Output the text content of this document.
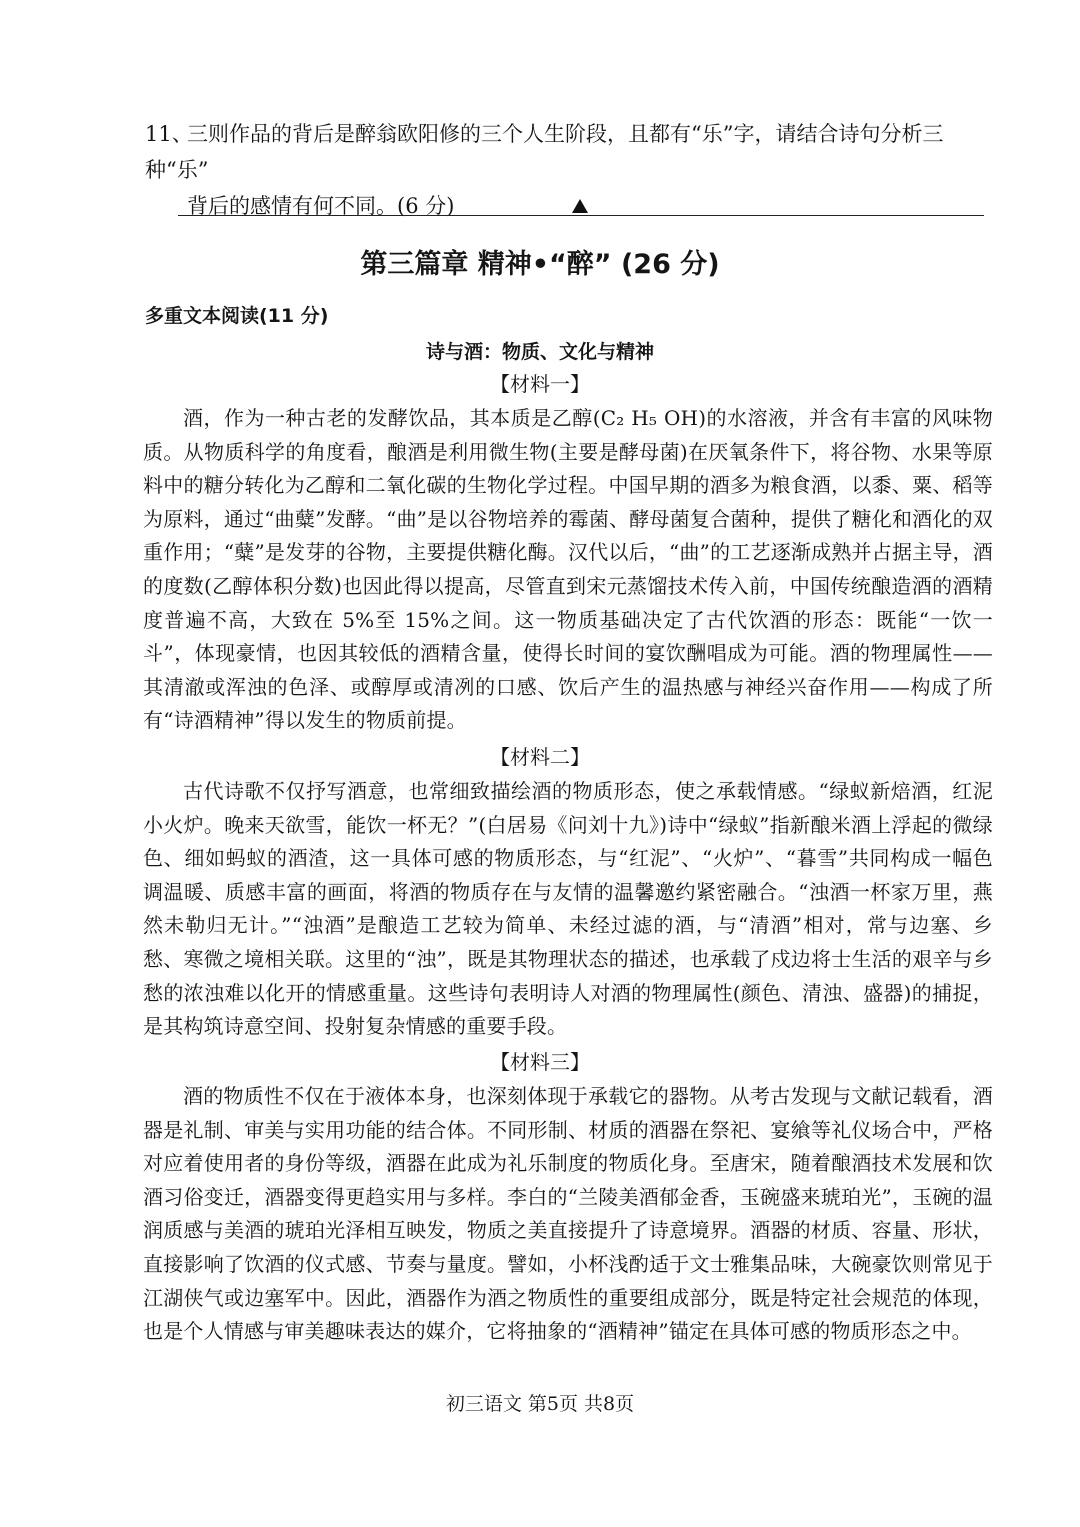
11、三则作品的背后是醉翁欧阳修的三个人生阶段，且都有“乐”字，请结合诗句分析三种“乐”
背后的感情有何不同。(6 分)
第三篇章 精神•“醉” (26 分)
多重文本阅读(11 分)
诗与酒：物质、文化与精神
【材料一】

酒，作为一种古老的发酵饮品，其本质是乙醇(C₂ H₅ OH)的水溶液，并含有丰富的风味物质。从物质科学的角度看，酿酒是利用微生物(主要是酵母菌)在厌氧条件下，将谷物、水果等原料中的糖分转化为乙醇和二氧化碳的生物化学过程。中国早期的酒多为粮食酒，以黍、粟、稻等为原料，通过“曲糵”发酵。“曲”是以谷物培养的霉菌、酵母菌复合菌种，提供了糖化和酒化的双重作用；“糵”是发芽的谷物，主要提供糖化酶。汉代以后，“曲”的工艺逐渐成熟并占据主导，酒的度数(乙醇体积分数)也因此得以提高，尽管直到宋元蒸馏技术传入前，中国传统酿造酒的酒精度普遍不高，大致在 5%至 15%之间。这一物质基础决定了古代饮酒的形态：既能“一饮一斗”，体现豪情，也因其较低的酒精含量，使得长时间的宴饮酬唱成为可能。酒的物理属性——其清澈或浑浊的色泽、或醇厚或清冽的口感、饮后产生的温热感与神经兴奋作用——构成了所有“诗酒精神”得以发生的物质前提。

【材料二】

古代诗歌不仅抒写酒意，也常细致描绘酒的物质形态，使之承载情感。“绿蚁新焙酒，红泥小火炉。晚来天欲雪，能饮一杯无？”(白居易《问刘十九》)诗中“绿蚁”指新酿米酒上浮起的微绿色、细如蚂蚁的酒渣，这一具体可感的物质形态，与“红泥”、“火炉”、“暮雪”共同构成一幅色调温暖、质感丰富的画面，将酒的物质存在与友情的温馨邀约紧密融合。“浊酒一杯家万里，燕然未勒归无计。”“浊酒”是酿造工艺较为简单、未经过滤的酒，与“清酒”相对，常与边塞、乡愁、寒微之境相关联。这里的“浊”，既是其物理状态的描述，也承载了戍边将士生活的艰辛与乡愁的浓浊难以化开的情感重量。这些诗句表明诗人对酒的物理属性(颜色、清浊、盛器)的捕捉，是其构筑诗意空间、投射复杂情感的重要手段。

【材料三】

酒的物质性不仅在于液体本身，也深刻体现于承载它的器物。从考古发现与文献记载看，酒器是礼制、审美与实用功能的结合体。不同形制、材质的酒器在祭祀、宴飨等礼仪场合中，严格对应着使用者的身份等级，酒器在此成为礼乐制度的物质化身。至唐宋，随着酿酒技术发展和饮酒习俗变迁，酒器变得更趋实用与多样。李白的“兰陵美酒郁金香，玉碗盛来琥珀光”，玉碗的温润质感与美酒的琥珀光泽相互映发，物质之美直接提升了诗意境界。酒器的材质、容量、形状，直接影响了饮酒的仪式感、节奏与量度。譬如，小杯浅酌适于文士雅集品味，大碗豪饮则常见于江湖侠气或边塞军中。因此，酒器作为酒之物质性的重要组成部分，既是特定社会规范的体现，也是个人情感与审美趣味表达的媒介，它将抽象的“酒精神”锚定在具体可感的物质形态之中。

初三语文 第5页 共8页
